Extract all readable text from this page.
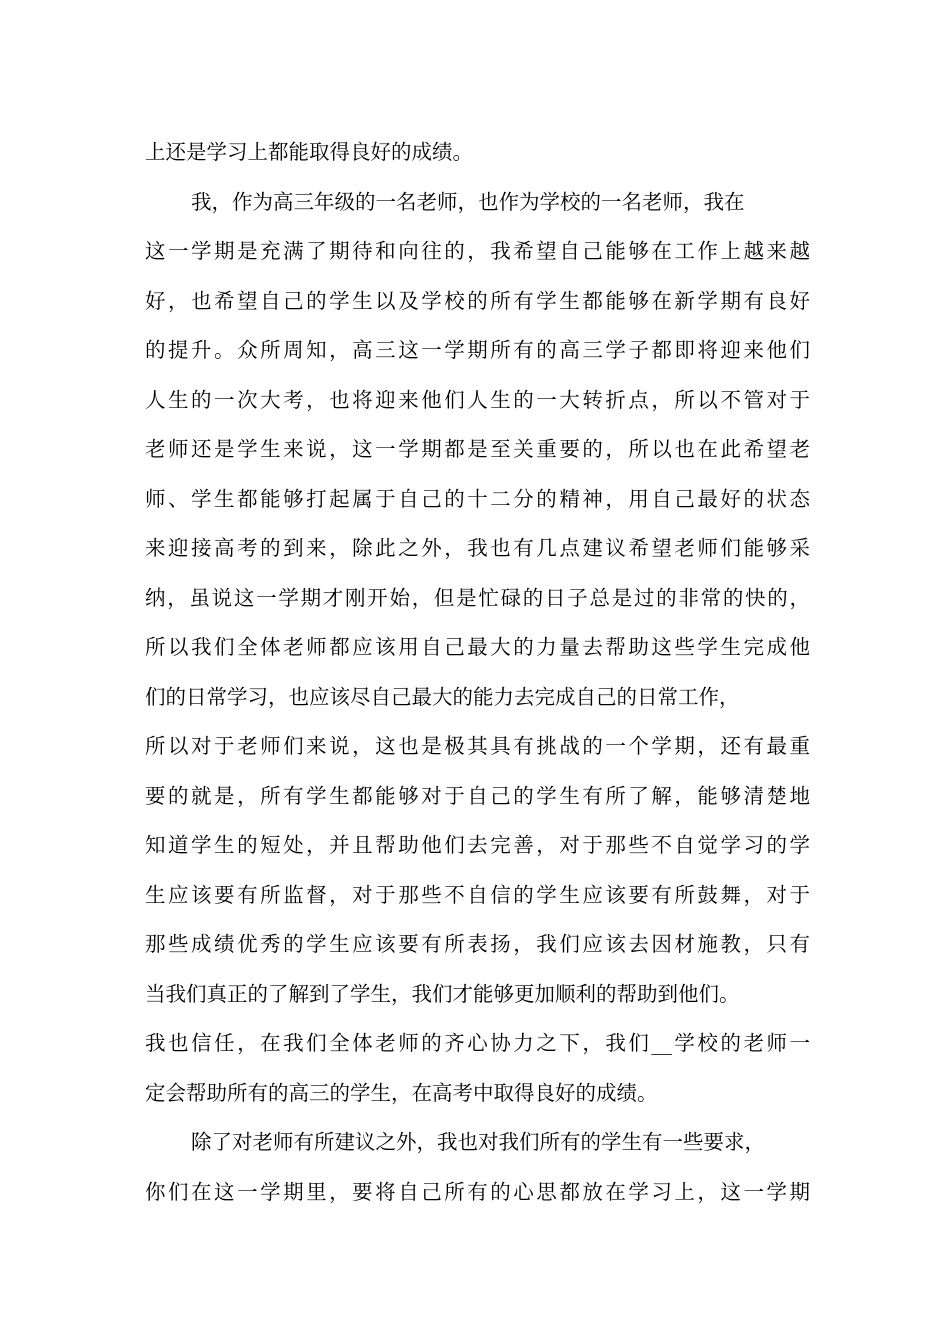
上还是学习上都能取得良好的成绩。
我，作为高三年级的一名老师，也作为学校的一名老师，我在
这一学期是充满了期待和向往的，我希望自己能够在工作上越来越
好，也希望自己的学生以及学校的所有学生都能够在新学期有良好
的提升。众所周知，高三这一学期所有的高三学子都即将迎来他们
人生的一次大考，也将迎来他们人生的一大转折点，所以不管对于
老师还是学生来说，这一学期都是至关重要的，所以也在此希望老
师、学生都能够打起属于自己的十二分的精神，用自己最好的状态
来迎接高考的到来，除此之外，我也有几点建议希望老师们能够采
纳，虽说这一学期才刚开始，但是忙碌的日子总是过的非常的快的，
所以我们全体老师都应该用自己最大的力量去帮助这些学生完成他
们的日常学习，也应该尽自己最大的能力去完成自己的日常工作，
所以对于老师们来说，这也是极其具有挑战的一个学期，还有最重
要的就是，所有学生都能够对于自己的学生有所了解，能够清楚地
知道学生的短处，并且帮助他们去完善，对于那些不自觉学习的学
生应该要有所监督，对于那些不自信的学生应该要有所鼓舞，对于
那些成绩优秀的学生应该要有所表扬，我们应该去因材施教，只有
当我们真正的了解到了学生，我们才能够更加顺利的帮助到他们。
我也信任，在我们全体老师的齐心协力之下，我们__学校的老师一
定会帮助所有的高三的学生，在高考中取得良好的成绩。
除了对老师有所建议之外，我也对我们所有的学生有一些要求，
你们在这一学期里，要将自己所有的心思都放在学习上，这一学期
